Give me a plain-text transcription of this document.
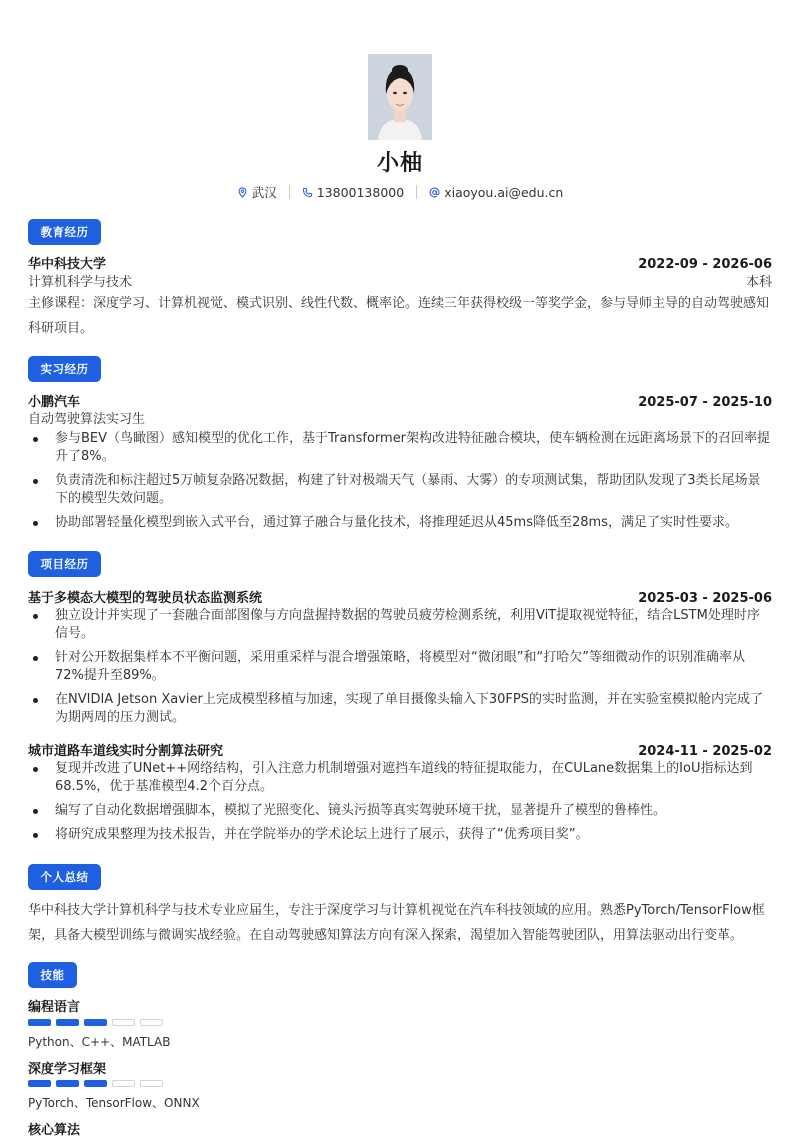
小柚
武汉	13800138000	xiaoyou.ai@edu.cn
教育经历
华中科技大学	2022-09 - 2026-06
计算机科学与技术	本科
主修课程：深度学习、计算机视觉、模式识别、线性代数、概率论。连续三年获得校级一等奖学金，参与导师主导的自动驾驶感知科研项目。
实习经历
小鹏汽车	2025-07 - 2025-10
自动驾驶算法实习生
参与BEV（鸟瞰图）感知模型的优化工作，基于Transformer架构改进特征融合模块，使车辆检测在远距离场景下的召回率提升了8%。
负责清洗和标注超过5万帧复杂路况数据，构建了针对极端天气（暴雨、大雾）的专项测试集，帮助团队发现了3类长尾场景下的模型失效问题。
协助部署轻量化模型到嵌入式平台，通过算子融合与量化技术，将推理延迟从45ms降低至28ms，满足了实时性要求。
项目经历
基于多模态大模型的驾驶员状态监测系统	2025-03 - 2025-06
独立设计并实现了一套融合面部图像与方向盘握持数据的驾驶员疲劳检测系统，利用ViT提取视觉特征，结合LSTM处理时序信号。
针对公开数据集样本不平衡问题，采用重采样与混合增强策略，将模型对“微闭眼”和“打哈欠”等细微动作的识别准确率从72%提升至89%。
在NVIDIA Jetson Xavier上完成模型移植与加速，实现了单目摄像头输入下30FPS的实时监测，并在实验室模拟舱内完成了为期两周的压力测试。
城市道路车道线实时分割算法研究	2024-11 - 2025-02
复现并改进了UNet++网络结构，引入注意力机制增强对遮挡车道线的特征提取能力，在CULane数据集上的IoU指标达到68.5%，优于基准模型4.2个百分点。
编写了自动化数据增强脚本，模拟了光照变化、镜头污损等真实驾驶环境干扰，显著提升了模型的鲁棒性。
将研究成果整理为技术报告，并在学院举办的学术论坛上进行了展示，获得了“优秀项目奖”。
个人总结
华中科技大学计算机科学与技术专业应届生，专注于深度学习与计算机视觉在汽车科技领域的应用。熟悉PyTorch/TensorFlow框架，具备大模型训练与微调实战经验。在自动驾驶感知算法方向有深入探索，渴望加入智能驾驶团队，用算法驱动出行变革。
技能
编程语言
Python、C++、MATLAB
深度学习框架
PyTorch、TensorFlow、ONNX
核心算法
